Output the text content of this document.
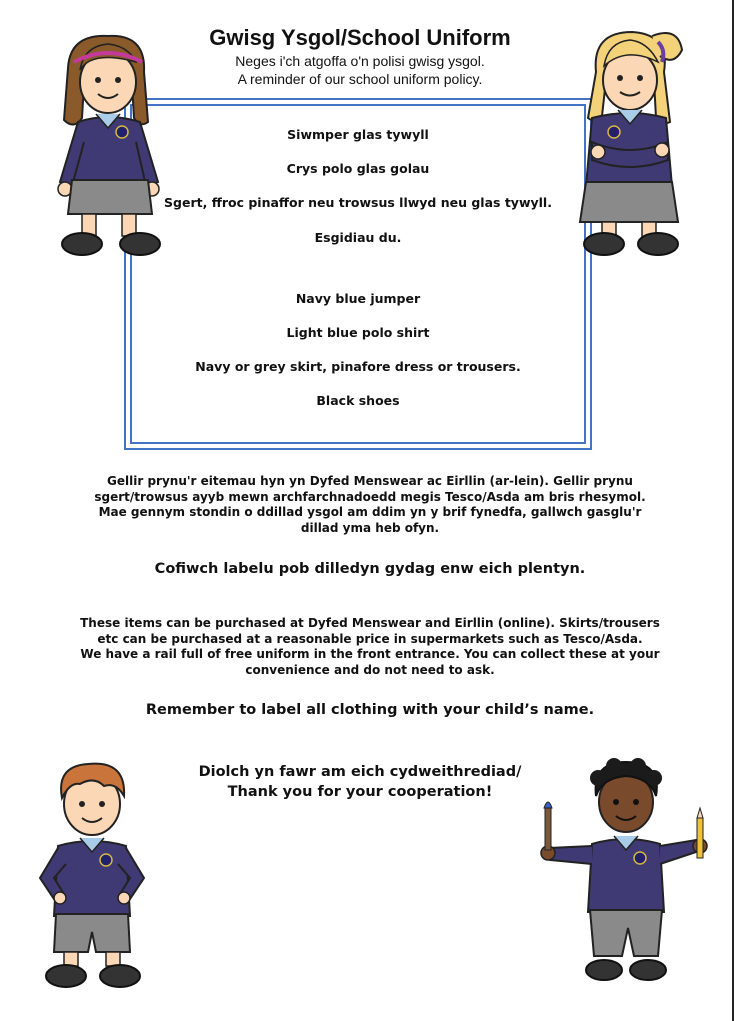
Gwisg Ysgol/School Uniform

Neges i'ch atgoffa o'n polisi gwisg ysgol.

A reminder of our school uniform policy.

Siwmper glas tywyll
Crys polo glas golau
Sgert, ffroc pinaffor neu trowsus llwyd neu glas tywyll.
Esgidiau du.
Navy blue jumper
Light blue polo shirt
Navy or grey skirt, pinafore dress or trousers.
Black shoes
Gellir prynu'r eitemau hyn yn Dyfed Menswear ac Eirllin (ar-lein). Gellir prynu
sgert/trowsus ayyb mewn archfarchnadoedd megis Tesco/Asda am bris rhesymol.
Mae gennym stondin o ddillad ysgol am ddim yn y brif fynedfa, gallwch gasglu'r
dillad yma heb ofyn.
Cofiwch labelu pob dilledyn gydag enw eich plentyn.
These items can be purchased at Dyfed Menswear and Eirllin (online). Skirts/trousers
etc can be purchased at a reasonable price in supermarkets such as Tesco/Asda.
We have a rail full of free uniform in the front entrance. You can collect these at your
convenience and do not need to ask.
Remember to label all clothing with your child’s name.
Diolch yn fawr am eich cydweithrediad/
Thank you for your cooperation!
